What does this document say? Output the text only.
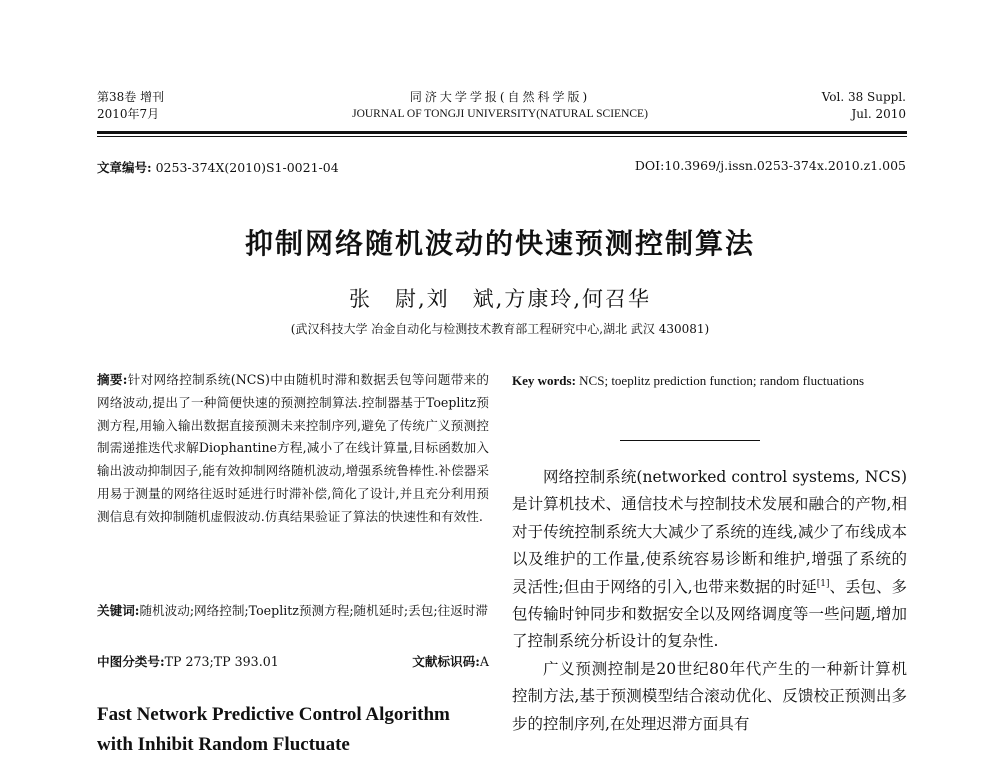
第38卷 增刊
2010年7月
同济大学学报(自然科学版)
JOURNAL OF TONGJI UNIVERSITY(NATURAL SCIENCE)
Vol. 38 Suppl.
Jul. 2010
文章编号: 0253-374X(2010)S1-0021-04	DOI:10.3969/j.issn.0253-374x.2010.z1.005
抑制网络随机波动的快速预测控制算法
张　尉,刘　斌,方康玲,何召华
(武汉科技大学 冶金自动化与检测技术教育部工程研究中心,湖北 武汉 430081)
摘要:针对网络控制系统(NCS)中由随机时滞和数据丢包等问题带来的网络波动,提出了一种简便快速的预测控制算法.控制器基于Toeplitz预测方程,用输入输出数据直接预测未来控制序列,避免了传统广义预测控制需递推迭代求解Diophantine方程,减小了在线计算量,目标函数加入输出波动抑制因子,能有效抑制网络随机波动,增强系统鲁棒性.补偿器采用易于测量的网络往返时延进行时滞补偿,简化了设计,并且充分利用预测信息有效抑制随机虚假波动.仿真结果验证了算法的快速性和有效性.
关键词:随机波动;网络控制;Toeplitz预测方程;随机延时;丢包;往返时滞
中图分类号:TP 273;TP 393.01	文献标识码:A
Fast Network Predictive Control Algorithm
with Inhibit Random Fluctuate
Key words: NCS; toeplitz prediction function; random fluctuations

网络控制系统(networked control systems, NCS)是计算机技术、通信技术与控制技术发展和融合的产物,相对于传统控制系统大大减少了系统的连线,减少了布线成本以及维护的工作量,使系统容易诊断和维护,增强了系统的灵活性;但由于网络的引入,也带来数据的时延[1]、丢包、多包传输时钟同步和数据安全以及网络调度等一些问题,增加了控制系统分析设计的复杂性.

广义预测控制是20世纪80年代产生的一种新计算机控制方法,基于预测模型结合滚动优化、反馈校正预测出多步的控制序列,在处理迟滞方面具有
